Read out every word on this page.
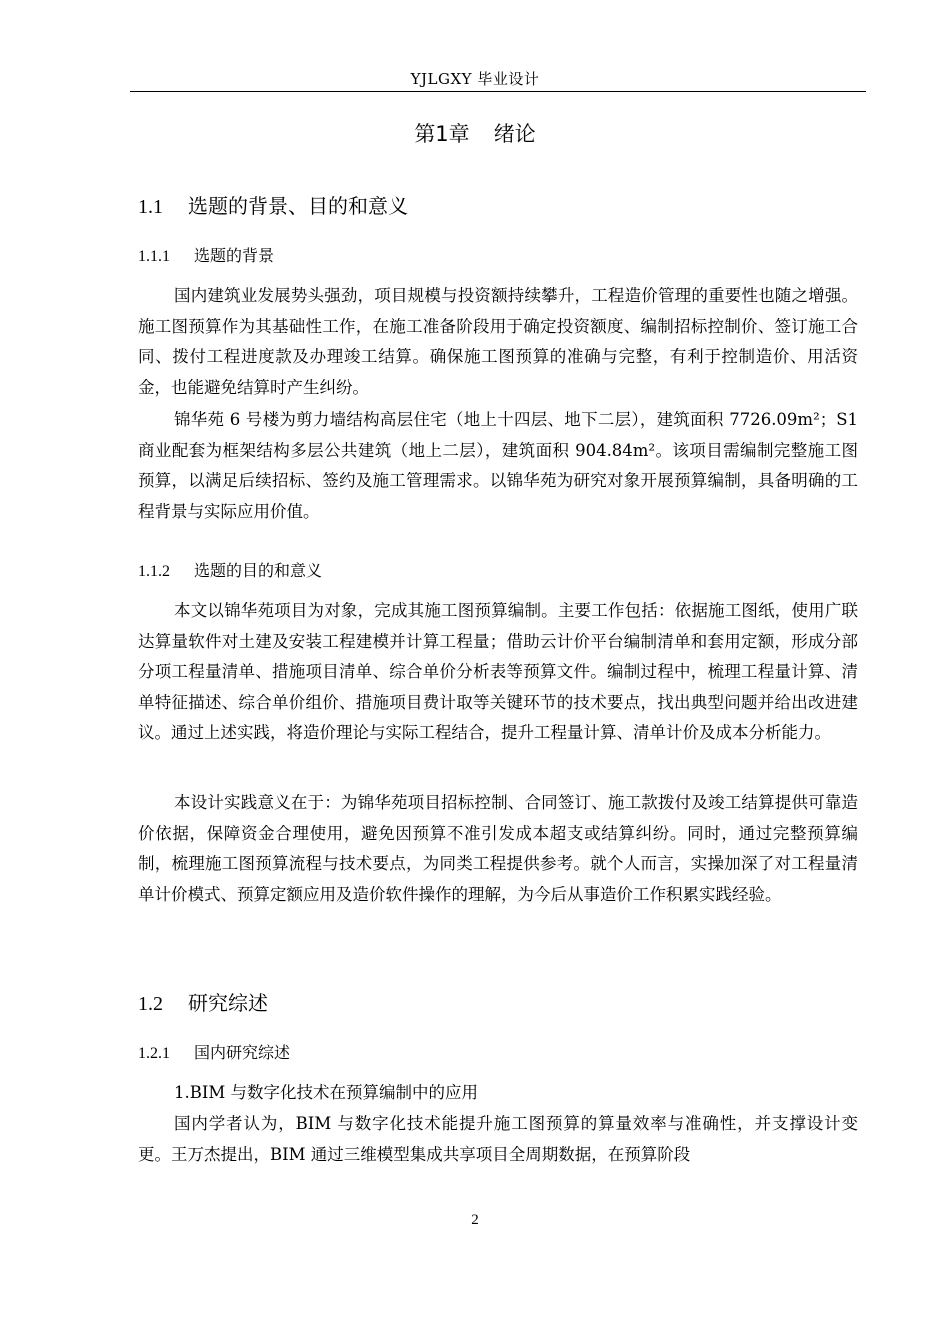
YJLGXY 毕业设计
第1章 绪论
1.1 选题的背景、目的和意义
1.1.1 选题的背景

国内建筑业发展势头强劲，项目规模与投资额持续攀升，工程造价管理的重要性也随之增强。施工图预算作为其基础性工作，在施工准备阶段用于确定投资额度、编制招标控制价、签订施工合同、拨付工程进度款及办理竣工结算。确保施工图预算的准确与完整，有利于控制造价、用活资金，也能避免结算时产生纠纷。

锦华苑 6 号楼为剪力墙结构高层住宅（地上十四层、地下二层），建筑面积 7726.09m²；S1 商业配套为框架结构多层公共建筑（地上二层），建筑面积 904.84m²。该项目需编制完整施工图预算，以满足后续招标、签约及施工管理需求。以锦华苑为研究对象开展预算编制，具备明确的工程背景与实际应用价值。

1.1.2 选题的目的和意义

本文以锦华苑项目为对象，完成其施工图预算编制。主要工作包括：依据施工图纸，使用广联达算量软件对土建及安装工程建模并计算工程量；借助云计价平台编制清单和套用定额，形成分部分项工程量清单、措施项目清单、综合单价分析表等预算文件。编制过程中，梳理工程量计算、清单特征描述、综合单价组价、措施项目费计取等关键环节的技术要点，找出典型问题并给出改进建议。通过上述实践，将造价理论与实际工程结合，提升工程量计算、清单计价及成本分析能力。

本设计实践意义在于：为锦华苑项目招标控制、合同签订、施工款拨付及竣工结算提供可靠造价依据，保障资金合理使用，避免因预算不准引发成本超支或结算纠纷。同时，通过完整预算编制，梳理施工图预算流程与技术要点，为同类工程提供参考。就个人而言，实操加深了对工程量清单计价模式、预算定额应用及造价软件操作的理解，为今后从事造价工作积累实践经验。

1.2 研究综述
1.2.1 国内研究综述
1.BIM 与数字化技术在预算编制中的应用

国内学者认为，BIM 与数字化技术能提升施工图预算的算量效率与准确性，并支撑设计变更。王万杰提出，BIM 通过三维模型集成共享项目全周期数据，在预算阶段

2
